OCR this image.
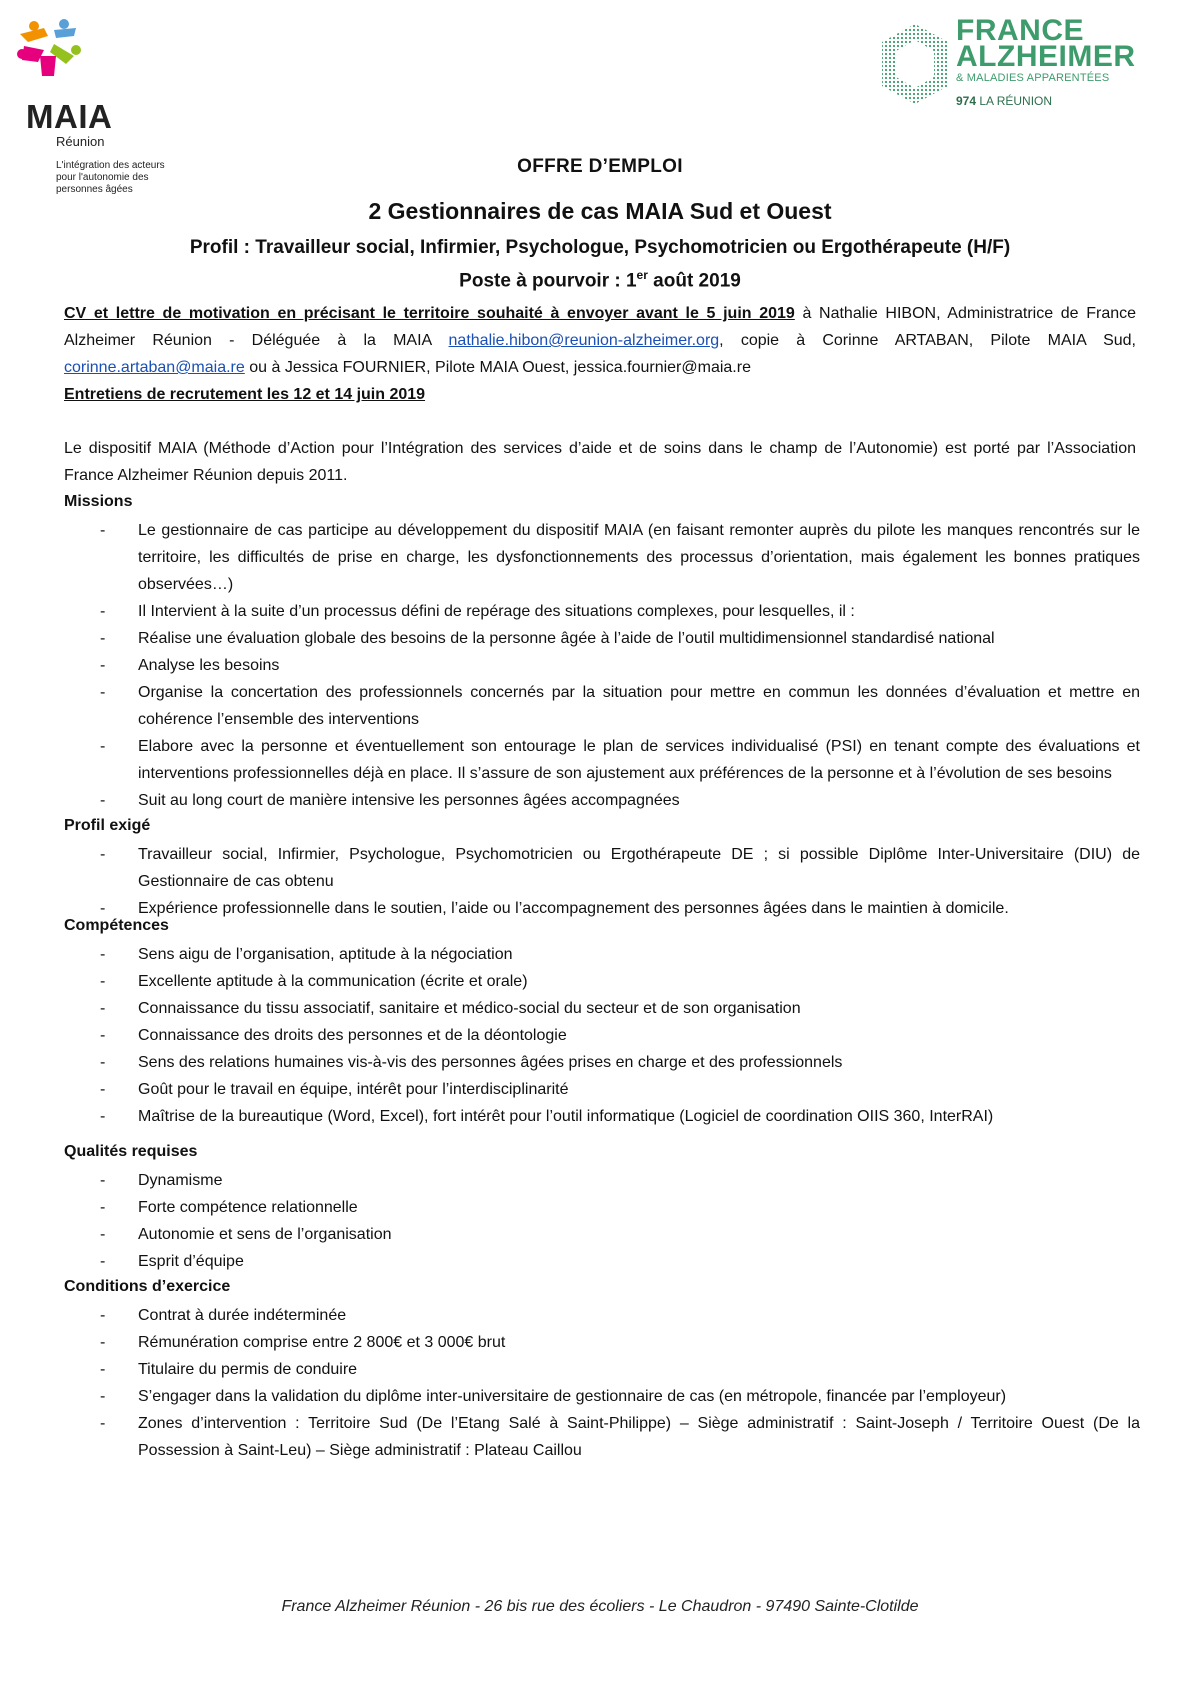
MAIA
Réunion
L'intégration des acteurs pour l'autonomie des personnes âgées
FRANCE
ALZHEIMER
& MALADIES APPARENTÉES
974 LA RÉUNION
OFFRE D’EMPLOI
2 Gestionnaires de cas MAIA Sud et Ouest
Profil : Travailleur social, Infirmier, Psychologue, Psychomotricien ou Ergothérapeute (H/F)
Poste à pourvoir : 1er août 2019
CV et lettre de motivation en précisant le territoire souhaité à envoyer avant le 5 juin 2019 à Nathalie HIBON, Administratrice de France Alzheimer Réunion - Déléguée à la MAIA nathalie.hibon@reunion-alzheimer.org, copie à Corinne ARTABAN, Pilote MAIA Sud, corinne.artaban@maia.re ou à Jessica FOURNIER, Pilote MAIA Ouest, jessica.fournier@maia.re
Entretiens de recrutement les 12 et 14 juin 2019
Le dispositif MAIA (Méthode d’Action pour l’Intégration des services d’aide et de soins dans le champ de l’Autonomie) est porté par l’Association France Alzheimer Réunion depuis 2011.
Missions
- Le gestionnaire de cas participe au développement du dispositif MAIA (en faisant remonter auprès du pilote les manques rencontrés sur le territoire, les difficultés de prise en charge, les dysfonctionnements des processus d’orientation, mais également les bonnes pratiques observées…)
- Il Intervient à la suite d’un processus défini de repérage des situations complexes, pour lesquelles, il :
- Réalise une évaluation globale des besoins de la personne âgée à l’aide de l’outil multidimensionnel standardisé national
- Analyse les besoins
- Organise la concertation des professionnels concernés par la situation pour mettre en commun les données d’évaluation et mettre en cohérence l’ensemble des interventions
- Elabore avec la personne et éventuellement son entourage le plan de services individualisé (PSI) en tenant compte des évaluations et interventions professionnelles déjà en place. Il s’assure de son ajustement aux préférences de la personne et à l’évolution de ses besoins
- Suit au long court de manière intensive les personnes âgées accompagnées
Profil exigé
- Travailleur social, Infirmier, Psychologue, Psychomotricien ou Ergothérapeute DE ; si possible Diplôme Inter-Universitaire (DIU) de Gestionnaire de cas obtenu
- Expérience professionnelle dans le soutien, l’aide ou l’accompagnement des personnes âgées dans le maintien à domicile.
Compétences
- Sens aigu de l’organisation, aptitude à la négociation
- Excellente aptitude à la communication (écrite et orale)
- Connaissance du tissu associatif, sanitaire et médico-social du secteur et de son organisation
- Connaissance des droits des personnes et de la déontologie
- Sens des relations humaines vis-à-vis des personnes âgées prises en charge et des professionnels
- Goût pour le travail en équipe, intérêt pour l’interdisciplinarité
- Maîtrise de la bureautique (Word, Excel), fort intérêt pour l’outil informatique (Logiciel de coordination OIIS 360, InterRAI)
Qualités requises
- Dynamisme
- Forte compétence relationnelle
- Autonomie et sens de l’organisation
- Esprit d’équipe
Conditions d’exercice
- Contrat à durée indéterminée
- Rémunération comprise entre 2 800€ et 3 000€ brut
- Titulaire du permis de conduire
- S’engager dans la validation du diplôme inter-universitaire de gestionnaire de cas (en métropole, financée par l’employeur)
- Zones d’intervention : Territoire Sud (De l’Etang Salé à Saint-Philippe) – Siège administratif : Saint-Joseph / Territoire Ouest (De la Possession à Saint-Leu) – Siège administratif : Plateau Caillou
France Alzheimer Réunion - 26 bis rue des écoliers - Le Chaudron - 97490 Sainte-Clotilde
